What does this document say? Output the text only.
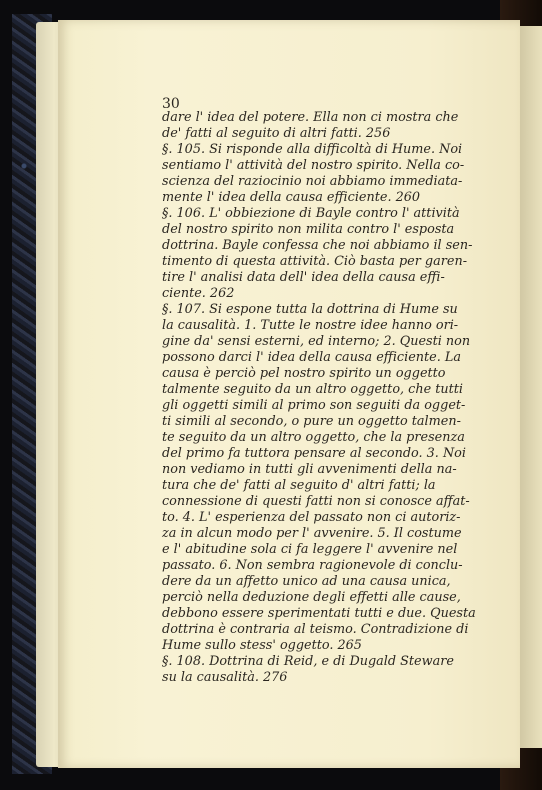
30
dare l' idea del potere. Ella non ci mostra che
de' fatti al seguito di altri fatti. 256
§. 105. Si risponde alla difficoltà di Hume. Noi
sentiamo l' attività del nostro spirito. Nella co-
scienza del raziocinio noi abbiamo immediata-
mente l' idea della causa efficiente. 260
§. 106. L' obbiezione di Bayle contro l' attività
del nostro spirito non milita contro l' esposta
dottrina. Bayle confessa che noi abbiamo il sen-
timento di questa attività. Ciò basta per garen-
tire l' analisi data dell' idea della causa effi-
ciente. 262
§. 107. Si espone tutta la dottrina di Hume su
la causalità. 1. Tutte le nostre idee hanno ori-
gine da' sensi esterni, ed interno; 2. Questi non
possono darci l' idea della causa efficiente. La
causa è perciò pel nostro spirito un oggetto
talmente seguito da un altro oggetto, che tutti
gli oggetti simili al primo son seguiti da ogget-
ti simili al secondo, o pure un oggetto talmen-
te seguito da un altro oggetto, che la presenza
del primo fa tuttora pensare al secondo. 3. Noi
non vediamo in tutti gli avvenimenti della na-
tura che de' fatti al seguito d' altri fatti; la
connessione di questi fatti non si conosce affat-
to. 4. L' esperienza del passato non ci autoriz-
za in alcun modo per l' avvenire. 5. Il costume
e l' abitudine sola ci fa leggere l' avvenire nel
passato. 6. Non sembra ragionevole di conclu-
dere da un affetto unico ad una causa unica,
perciò nella deduzione degli effetti alle cause,
debbono essere sperimentati tutti e due. Questa
dottrina è contraria al teismo. Contradizione di
Hume sullo stess' oggetto. 265
§. 108. Dottrina di Reid, e di Dugald Steware
su la causalità. 276
